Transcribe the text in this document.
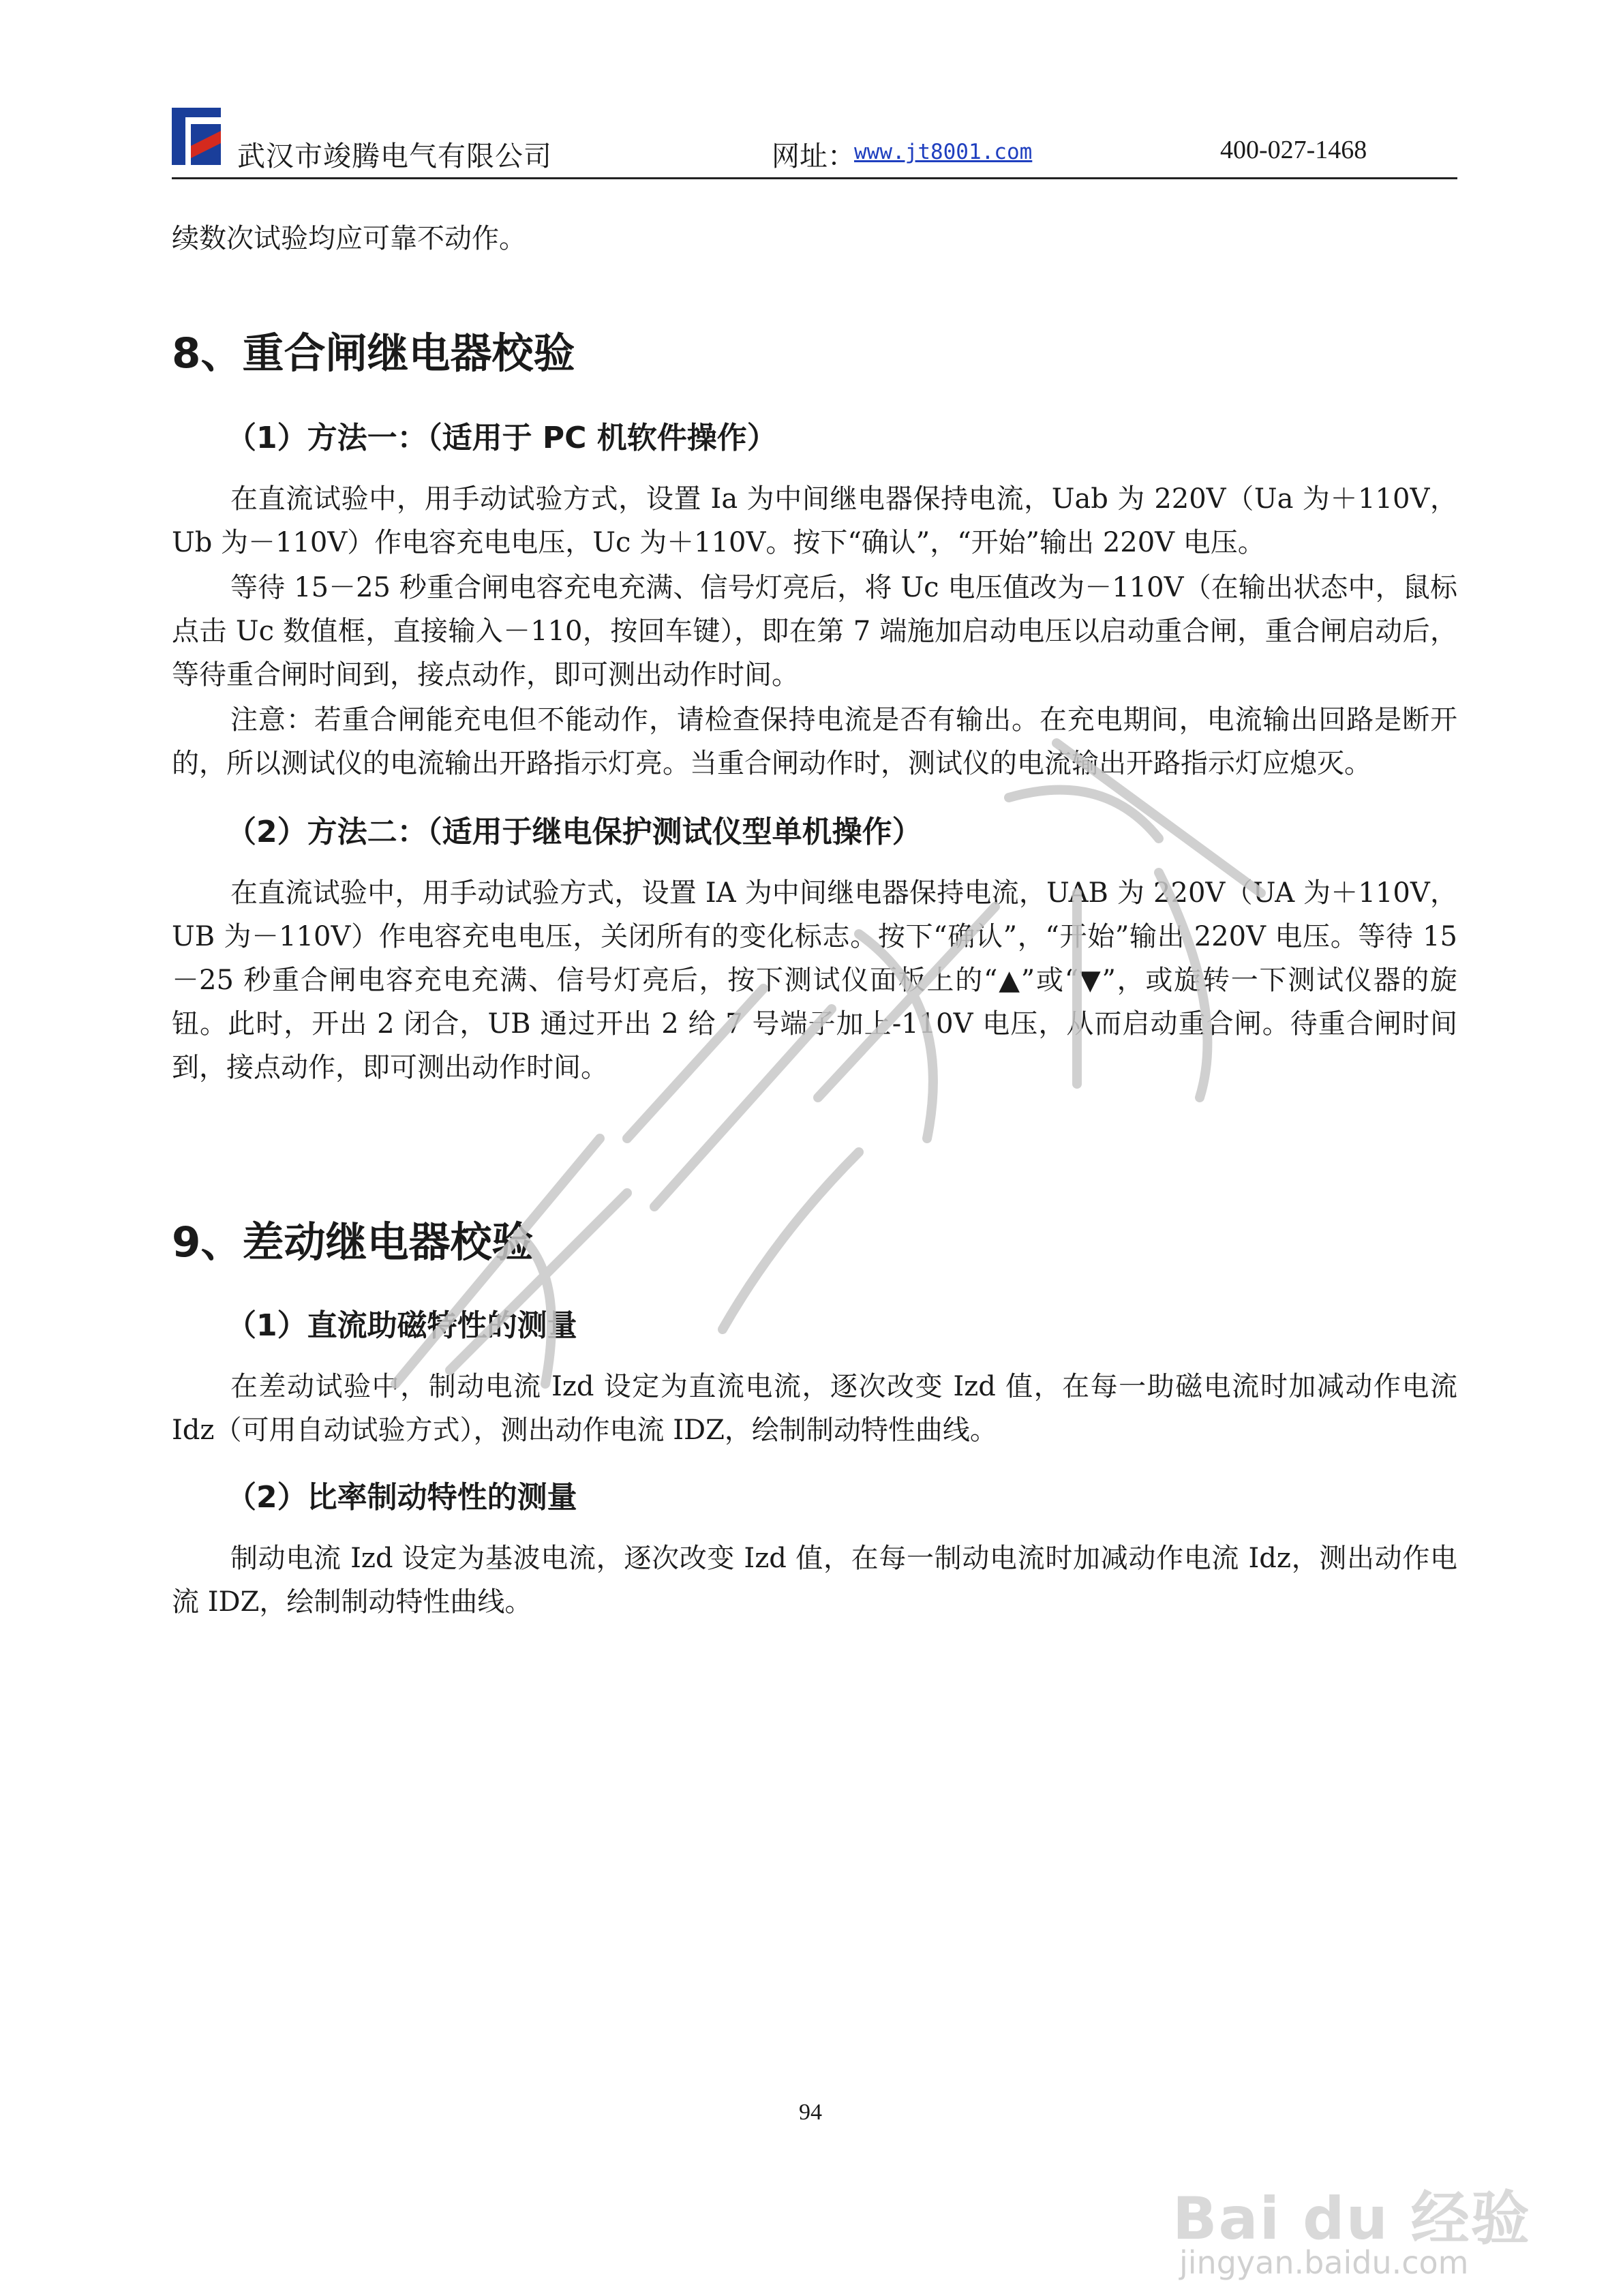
武汉市竣腾电气有限公司	网址：
www.jt8001.com	400-027-1468

续数次试验均应可靠不动作。

8、重合闸继电器校验
（1）方法一：（适用于 PC 机软件操作）

在直流试验中，用手动试验方式，设置 Ia 为中间继电器保持电流，Uab 为 220V（Ua 为＋110V，Ub 为－110V）作电容充电电压，Uc 为＋110V。按下“确认”，“开始”输出 220V 电压。

等待 15－25 秒重合闸电容充电充满、信号灯亮后，将 Uc 电压值改为－110V（在输出状态中，鼠标点击 Uc 数值框，直接输入－110，按回车键），即在第 7 端施加启动电压以启动重合闸，重合闸启动后，等待重合闸时间到，接点动作，即可测出动作时间。

注意：若重合闸能充电但不能动作，请检查保持电流是否有输出。在充电期间，电流输出回路是断开的，所以测试仪的电流输出开路指示灯亮。当重合闸动作时，测试仪的电流输出开路指示灯应熄灭。

（2）方法二：（适用于继电保护测试仪型单机操作）

在直流试验中，用手动试验方式，设置 IA 为中间继电器保持电流，UAB 为 220V（UA 为＋110V，UB 为－110V）作电容充电电压，关闭所有的变化标志。按下“确认”，“开始”输出 220V 电压。等待 15－25 秒重合闸电容充电充满、信号灯亮后，按下测试仪面板上的“▲”或“▼”，或旋转一下测试仪器的旋钮。此时，开出 2 闭合，UB 通过开出 2 给 7 号端子加上-110V 电压，从而启动重合闸。待重合闸时间到，接点动作，即可测出动作时间。

9、差动继电器校验
（1）直流助磁特性的测量

在差动试验中，制动电流 Izd 设定为直流电流，逐次改变 Izd 值，在每一助磁电流时加减动作电流 Idz（可用自动试验方式），测出动作电流 IDZ，绘制制动特性曲线。

（2）比率制动特性的测量

制动电流 Izd 设定为基波电流，逐次改变 Izd 值，在每一制动电流时加减动作电流 Idz，测出动作电流 IDZ，绘制制动特性曲线。

94
Bai du 经验
jingyan.baidu.com
